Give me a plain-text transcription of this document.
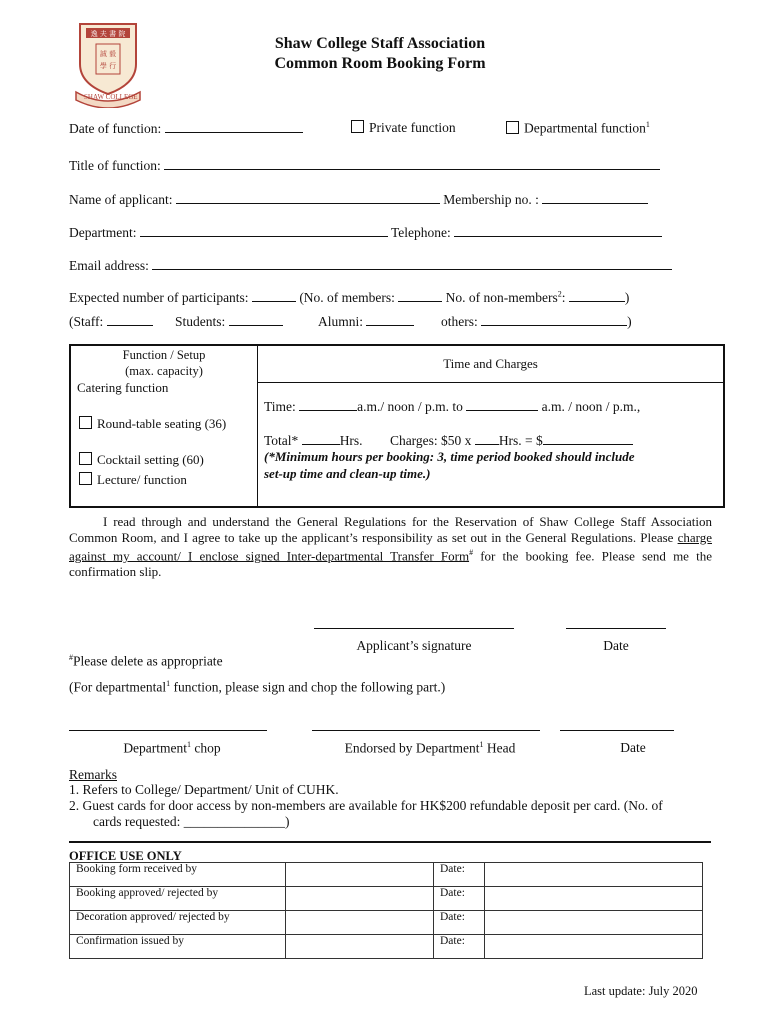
逸 夫 書 院
誠 毅
學 行
SHAW COLLEGE
Shaw College Staff Association
Common Room Booking Form
Date of function:	Private function	Departmental function$^1$
Title of function:
Name of applicant:	Membership no. :
Department:	Telephone:
Email address:
Expected number of participants:	(No. of members:	No. of non-members$^2$:	)
(Staff:	Students:	Alumni:	others:	)
Function / Setup
(max. capacity)
Catering function
Round-table seating (36)
Cocktail setting (60)
Lecture/ function
Time and Charges
Time:	a.m./ noon / p.m. to	a.m. / noon / p.m.,
Total*	Hrs. Charges: $50 x Hrs. = $
(*Minimum hours per booking: 3, time period booked should include
set-up time and clean-up time.)
I read through and understand the General Regulations for the Reservation of Shaw College Staff Association Common Room, and I agree to take up the applicant’s responsibility as set out in the General Regulations. Please charge against my account/ I enclose signed Inter-departmental Transfer Form# for the booking fee. Please send me the confirmation slip.
Applicant’s signature	Date
#Please delete as appropriate
(For departmental$^1$ function, please sign and chop the following part.)
Department$^1$ chop	Endorsed by Department$^1$ Head	Date
Remarks
1. Refers to College/ Department/ Unit of CUHK.
2. Guest cards for door access by non-members are available for HK$200 refundable deposit per card. (No. of
cards requested: _______________)
OFFICE USE ONLY
Booking form received by		Date:	
Booking approved/ rejected by		Date:	
Decoration approved/ rejected by		Date:	
Confirmation issued by		Date:	
Last update: July 2020
